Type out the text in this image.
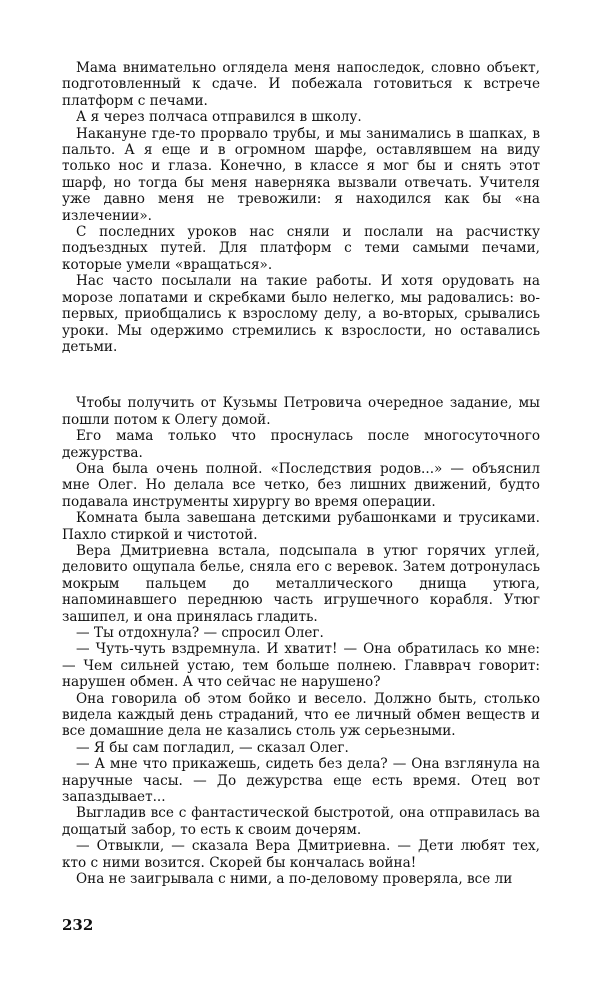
Мама внимательно оглядела меня напоследок, словно объект, подготовленный к сдаче. И побежала готовиться к встрече платформ с печами.

А я через полчаса отправился в школу.

Накануне где-то прорвало трубы, и мы занимались в шапках, в пальто. А я еще и в огромном шарфе, оставлявшем на виду только нос и глаза. Конечно, в классе я мог бы и снять этот шарф, но тогда бы меня наверняка вызвали отвечать. Учителя уже давно меня не тревожили: я находился как бы «на излечении».

С последних уроков нас сняли и послали на расчистку подъездных путей. Для платформ с теми самыми печами, которые умели «вращаться».

Нас часто посылали на такие работы. И хотя орудовать на морозе лопатами и скребками было нелегко, мы радовались: во-первых, приобщались к взрослому делу, а во-вторых, срывались уроки. Мы одержимо стремились к взрослости, но оставались детьми.

Чтобы получить от Кузьмы Петровича очередное задание, мы пошли потом к Олегу домой.

Его мама только что проснулась после многосуточного дежурства.

Она была очень полной. «Последствия родов...» — объяснил мне Олег. Но делала все четко, без лишних движений, будто подавала инструменты хирургу во время операции.

Комната была завешана детскими рубашонками и трусиками. Пахло стиркой и чистотой.

Вера Дмитриевна встала, подсыпала в утюг горячих углей, деловито ощупала белье, сняла его с веревок. Затем дотронулась мокрым пальцем до металлического днища утюга, напоминавшего переднюю часть игрушечного корабля. Утюг зашипел, и она принялась гладить.

— Ты отдохнула? — спросил Олег.

— Чуть-чуть вздремнула. И хватит! — Она обратилась ко мне: — Чем сильней устаю, тем больше полнею. Главврач говорит: нарушен обмен. А что сейчас не нарушено?

Она говорила об этом бойко и весело. Должно быть, столько видела каждый день страданий, что ее личный обмен веществ и все домашние дела не казались столь уж серьезными.

— Я бы сам погладил, — сказал Олег.

— А мне что прикажешь, сидеть без дела? — Она взглянула на наручные часы. — До дежурства еще есть время. Отец вот запаздывает...

Выгладив все с фантастической быстротой, она отправилась ва дощатый забор, то есть к своим дочерям.

— Отвыкли, — сказала Вера Дмитриевна. — Дети любят тех, кто с ними возится. Скорей бы кончалась война!

Она не заигрывала с ними, а по-деловому проверяла, все ли

232
